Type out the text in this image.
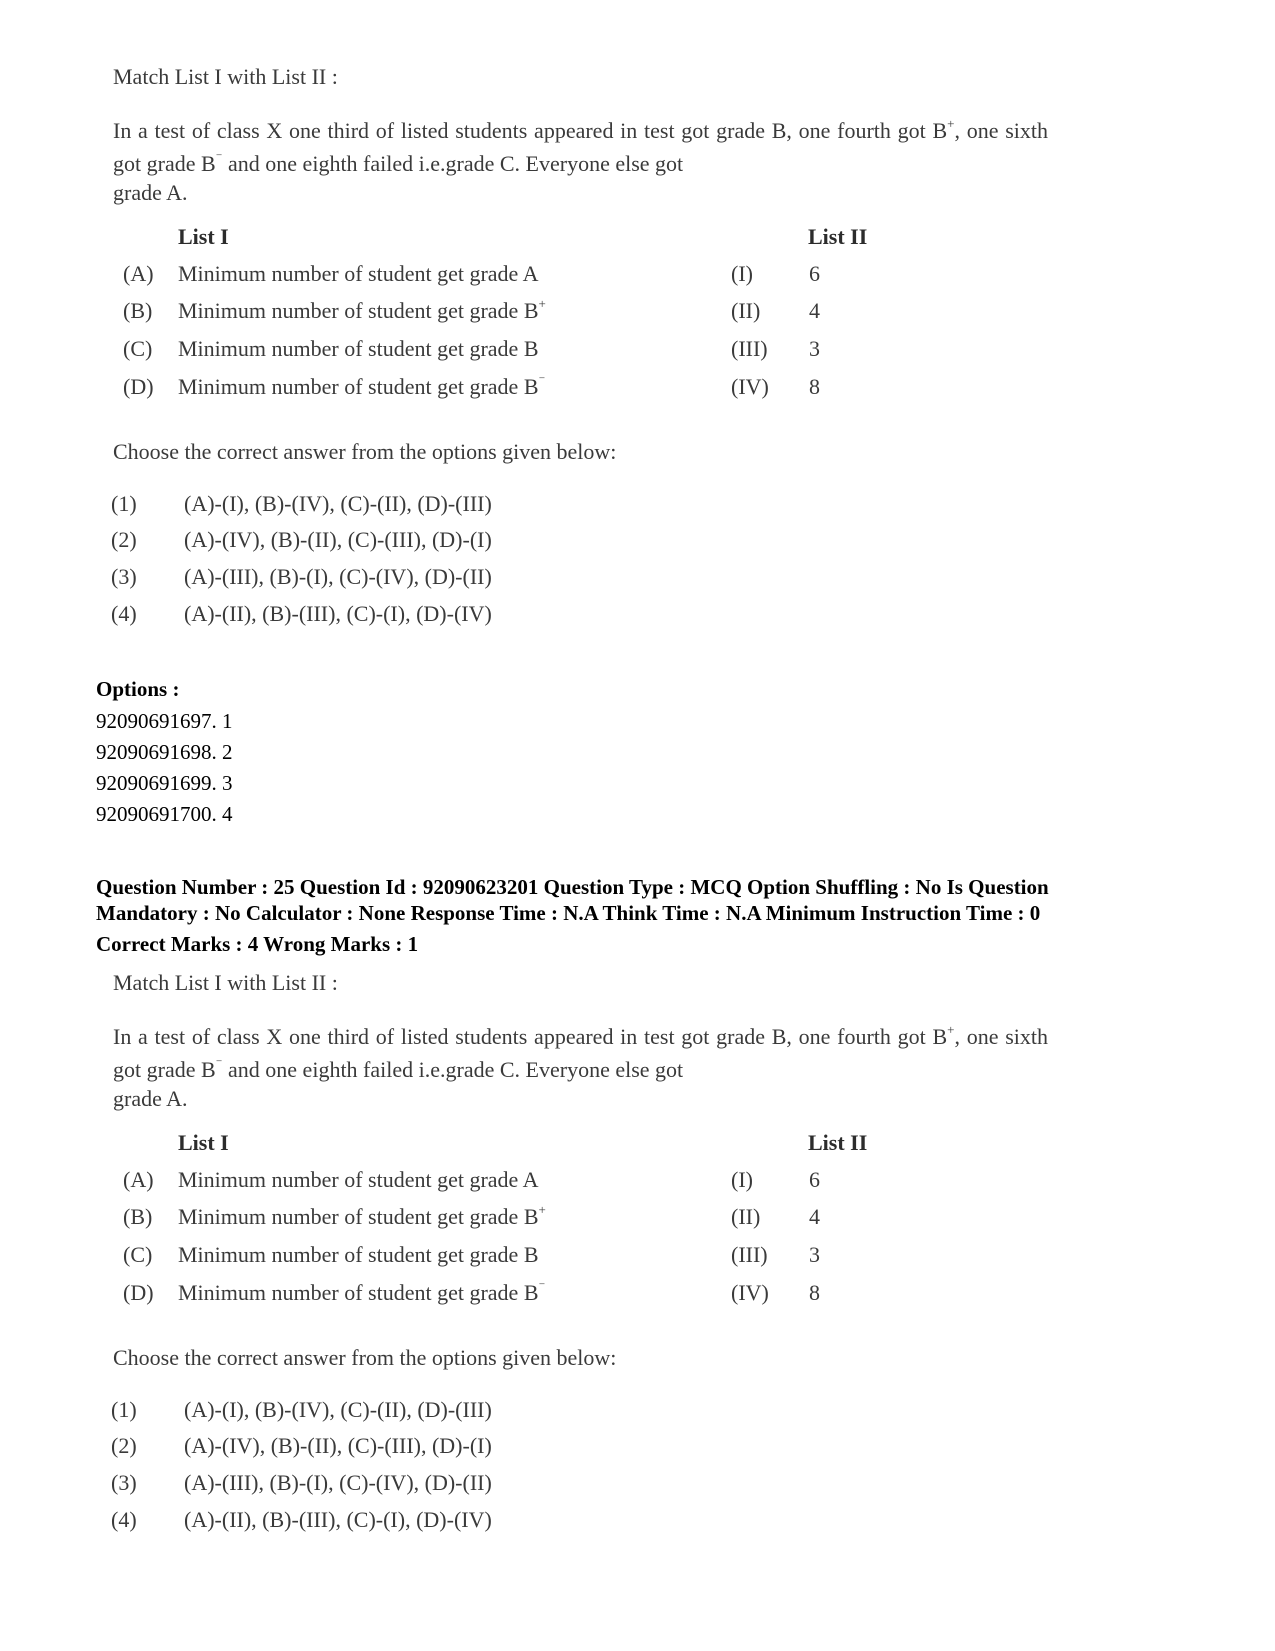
Match List I with List II :
In a test of class X one third of listed students appeared in test got grade B, one fourth got B+, one sixth got grade B⁻ and one eighth failed i.e.grade C. Everyone else got
grade A.
List I	List II
(A) Minimum number of student get grade A	(I)	6
(B) Minimum number of student get grade B+	(II) 4
(C) Minimum number of student get grade B	(III) 3
(D) Minimum number of student get grade B⁻	(IV) 8
Choose the correct answer from the options given below:
(1) (A)-(I), (B)-(IV), (C)-(II), (D)-(III)
(2) (A)-(IV), (B)-(II), (C)-(III), (D)-(I)
(3) (A)-(III), (B)-(I), (C)-(IV), (D)-(II)
(4) (A)-(II), (B)-(III), (C)-(I), (D)-(IV)
Options :
92090691697. 1
92090691698. 2
92090691699. 3
92090691700. 4
Question Number : 25 Question Id : 92090623201 Question Type : MCQ Option Shuffling : No Is Question
Mandatory : No Calculator : None Response Time : N.A Think Time : N.A Minimum Instruction Time : 0
Correct Marks : 4 Wrong Marks : 1
Match List I with List II :
In a test of class X one third of listed students appeared in test got grade B, one fourth got B+, one sixth got grade B⁻ and one eighth failed i.e.grade C. Everyone else got
grade A.
List I	List II
(A) Minimum number of student get grade A	(I)	6
(B) Minimum number of student get grade B+	(II) 4
(C) Minimum number of student get grade B	(III) 3
(D) Minimum number of student get grade B⁻	(IV) 8
Choose the correct answer from the options given below:
(1) (A)-(I), (B)-(IV), (C)-(II), (D)-(III)
(2) (A)-(IV), (B)-(II), (C)-(III), (D)-(I)
(3) (A)-(III), (B)-(I), (C)-(IV), (D)-(II)
(4) (A)-(II), (B)-(III), (C)-(I), (D)-(IV)
